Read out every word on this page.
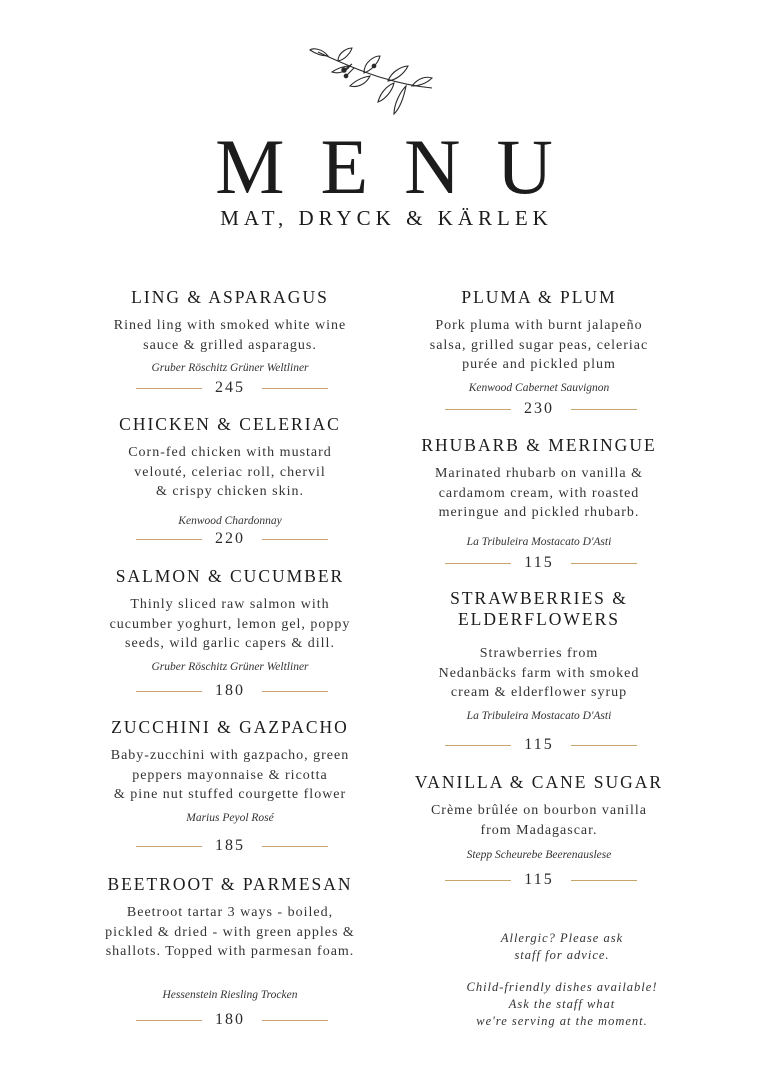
MENU
MAT, DRYCK & KÄRLEK
LING & ASPARAGUS
Rined ling with smoked white wine
sauce & grilled asparagus.
Gruber Röschitz Grüner Weltliner
245
CHICKEN & CELERIAC
Corn-fed chicken with mustard
velouté, celeriac roll, chervil
& crispy chicken skin.
Kenwood Chardonnay
220
SALMON & CUCUMBER
Thinly sliced raw salmon with
cucumber yoghurt, lemon gel, poppy
seeds, wild garlic capers & dill.
Gruber Röschitz Grüner Weltliner
180
ZUCCHINI & GAZPACHO
Baby-zucchini with gazpacho, green
peppers mayonnaise & ricotta
& pine nut stuffed courgette flower
Marius Peyol Rosé
185
BEETROOT & PARMESAN
Beetroot tartar 3 ways - boiled,
pickled & dried - with green apples &
shallots. Topped with parmesan foam.
Hessenstein Riesling Trocken
180
PLUMA & PLUM
Pork pluma with burnt jalapeño
salsa, grilled sugar peas, celeriac
purée and pickled plum
Kenwood Cabernet Sauvignon
230
RHUBARB & MERINGUE
Marinated rhubarb on vanilla &
cardamom cream, with roasted
meringue and pickled rhubarb.
La Tribuleira Mostacato D'Asti
115
STRAWBERRIES &
ELDERFLOWERS
Strawberries from
Nedanbäcks farm with smoked
cream & elderflower syrup
La Tribuleira Mostacato D'Asti
115
VANILLA & CANE SUGAR
Crème brûlée on bourbon vanilla
from Madagascar.
Stepp Scheurebe Beerenauslese
115
Allergic? Please ask
staff for advice.
Child-friendly dishes available!
Ask the staff what
we're serving at the moment.
